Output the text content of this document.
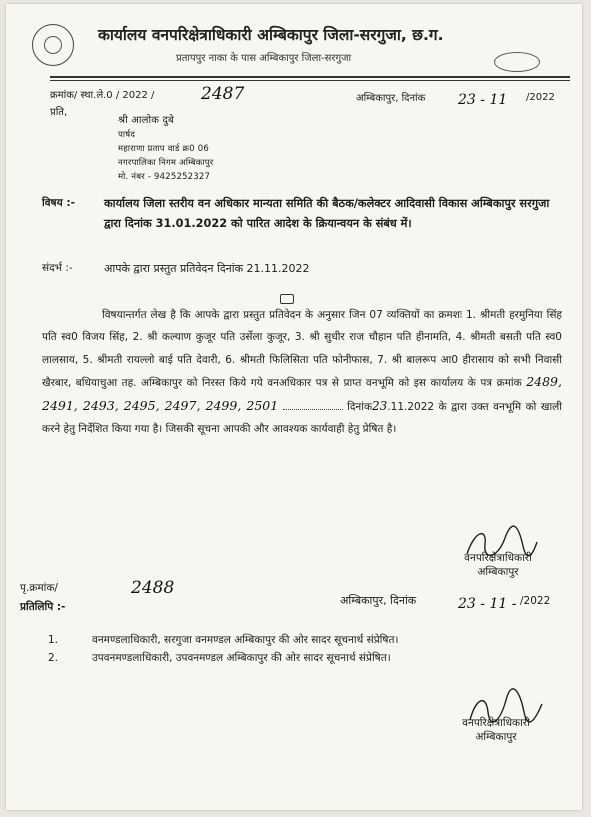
कार्यालय वनपरिक्षेत्राधिकारी अम्बिकापुर जिला-सरगुजा, छ.ग.
प्रतापपुर नाका के पास अम्बिकापुर जिला-सरगुजा
क्रमांक/ स्था.ले.0 / 2022 /	2487	अम्बिकापुर, दिनांक 23 - 11 /2022
प्रति,
श्री आलोक दुबे
पार्षद
महाराणा प्रताप वार्ड क्र0 06
नगरपालिका निगम अम्बिकापुर
मो. नंबर - 9425252327
विषय :-	कार्यालय जिला स्तरीय वन अधिकार मान्यता समिति की बैठक/कलेक्टर आदिवासी विकास अम्बिकापुर सरगुजा द्वारा दिनांक 31.01.2022 को पारित आदेश के क्रियान्वयन के संबंध में।
संदर्भ :-	आपके द्वारा प्रस्तुत प्रतिवेदन दिनांक 21.11.2022
विषयान्तर्गत लेख है कि आपके द्वारा प्रस्तुत प्रतिवेदन के अनुसार जिन 07 व्यक्तियों का क्रमशः 1. श्रीमती हरमुनिया सिंह पति स्व0 विजय सिंह, 2. श्री कल्याण कुजूर पति उर्सेला कुजूर, 3. श्री सुधीर राज चौहान पति हीनामति, 4. श्रीमती बसती पति स्व0 लालसाय, 5. श्रीमती रायल्लो बाई पति देवारी, 6. श्रीमती फिलिसिता पति फोनीफास, 7. श्री बालरूप आ0 हीरासाय को सभी निवासी खैरबार, बधियाचुआ तह. अम्बिकापुर को निरस्त किये गये वनअधिकार पत्र से प्राप्त वनभूमि को इस कार्यालय के पत्र क्रमांक 2489, 2491, 2493, 2495, 2497, 2499, 2501	दिनांक23.11.2022 के द्वारा उक्त वनभूमि को खाली करने हेतु निर्देशित किया गया है। जिसकी सूचना आपकी और आवश्यक कार्यवाही हेतु प्रेषित है।
वनपरिक्षेत्राधिकारी
अम्बिकापुर
पृ.क्रमांक/	2488
प्रतिलिपि :-	अम्बिकापुर, दिनांक	23 - 11 - /2022
1.	वनमण्डलाधिकारी, सरगुजा वनमण्डल अम्बिकापुर की ओर सादर सूचनार्थ संप्रेषित।
2.	उपवनमण्डलाधिकारी, उपवनमण्डल अम्बिकापुर की ओर सादर सूचनार्थ संप्रेषित।
वनपरिक्षेत्राधिकारी
अम्बिकापुर
